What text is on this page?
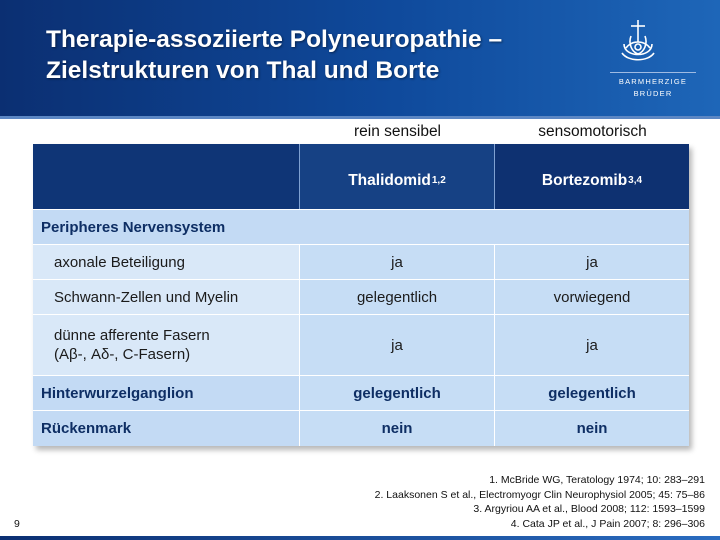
Therapie-assoziierte Polyneuropathie –
Zielstrukturen von Thal und Borte	BARMHERZIGE
BRÜDER
rein sensibel	sensomotorisch
Thalidomid 1,2	Bortezomib 3,4
Peripheres Nervensystem
axonale Beteiligung	ja	ja
Schwann-Zellen und Myelin	gelegentlich	vorwiegend
dünne afferente Fasern
(Aβ-, Aδ-, C-Fasern)
ja	ja
Hinterwurzelganglion	gelegentlich	gelegentlich
Rückenmark	nein	nein
1. McBride WG, Teratology 1974; 10: 283–291
2. Laaksonen S et al., Electromyogr Clin Neurophysiol 2005; 45: 75–86
3. Argyriou AA et al., Blood 2008; 112: 1593–1599
4. Cata JP et al., J Pain 2007; 8: 296–306
9
